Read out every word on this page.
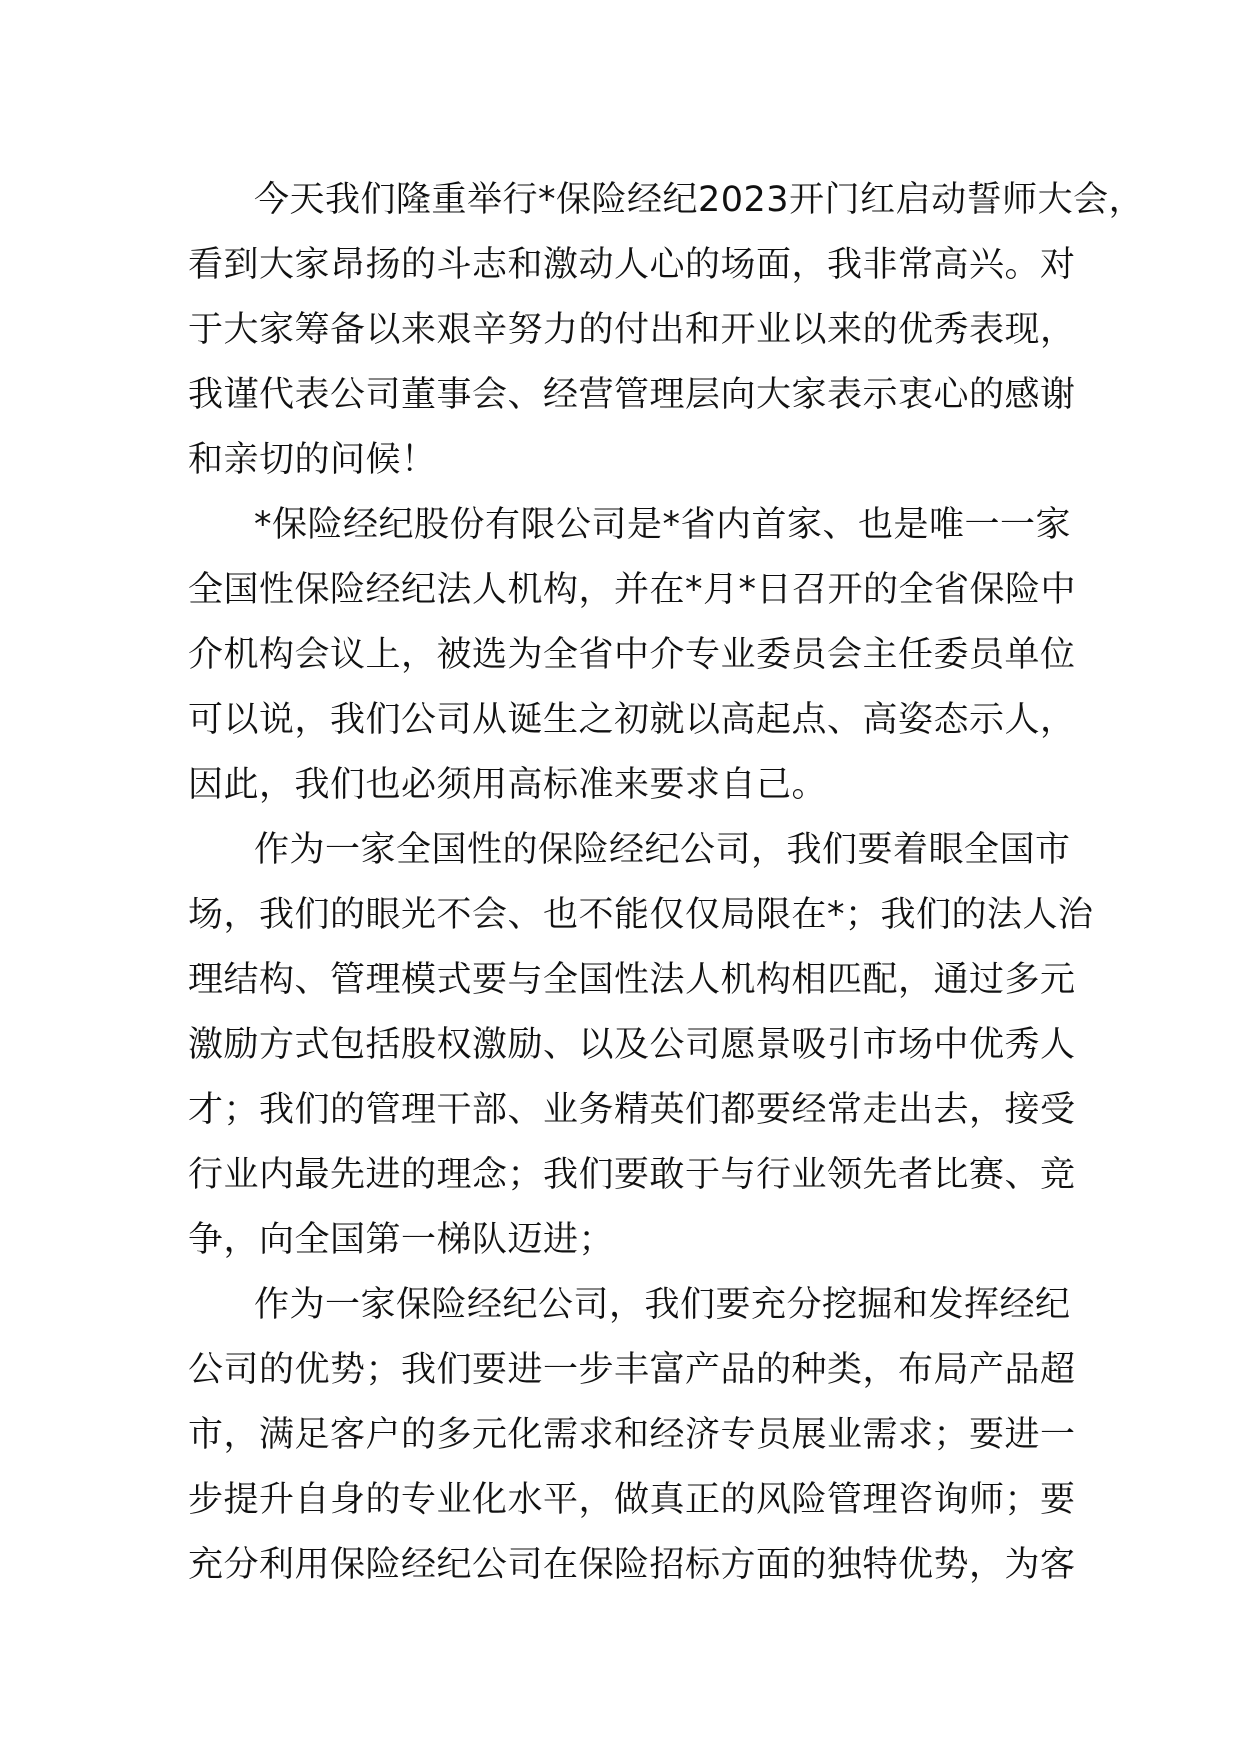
今天我们隆重举行*保险经纪2023开门红启动誓师大会，
看到大家昂扬的斗志和激动人心的场面，我非常高兴。对
于大家筹备以来艰辛努力的付出和开业以来的优秀表现，
我谨代表公司董事会、经营管理层向大家表示衷心的感谢
和亲切的问候！
*保险经纪股份有限公司是*省内首家、也是唯一一家
全国性保险经纪法人机构，并在*月*日召开的全省保险中
介机构会议上，被选为全省中介专业委员会主任委员单位
可以说，我们公司从诞生之初就以高起点、高姿态示人，
因此，我们也必须用高标准来要求自己。
作为一家全国性的保险经纪公司，我们要着眼全国市
场，我们的眼光不会、也不能仅仅局限在*；我们的法人治
理结构、管理模式要与全国性法人机构相匹配，通过多元
激励方式包括股权激励、以及公司愿景吸引市场中优秀人
才；我们的管理干部、业务精英们都要经常走出去，接受
行业内最先进的理念；我们要敢于与行业领先者比赛、竞
争，向全国第一梯队迈进；
作为一家保险经纪公司，我们要充分挖掘和发挥经纪
公司的优势；我们要进一步丰富产品的种类，布局产品超
市，满足客户的多元化需求和经济专员展业需求；要进一
步提升自身的专业化水平，做真正的风险管理咨询师；要
充分利用保险经纪公司在保险招标方面的独特优势，为客
